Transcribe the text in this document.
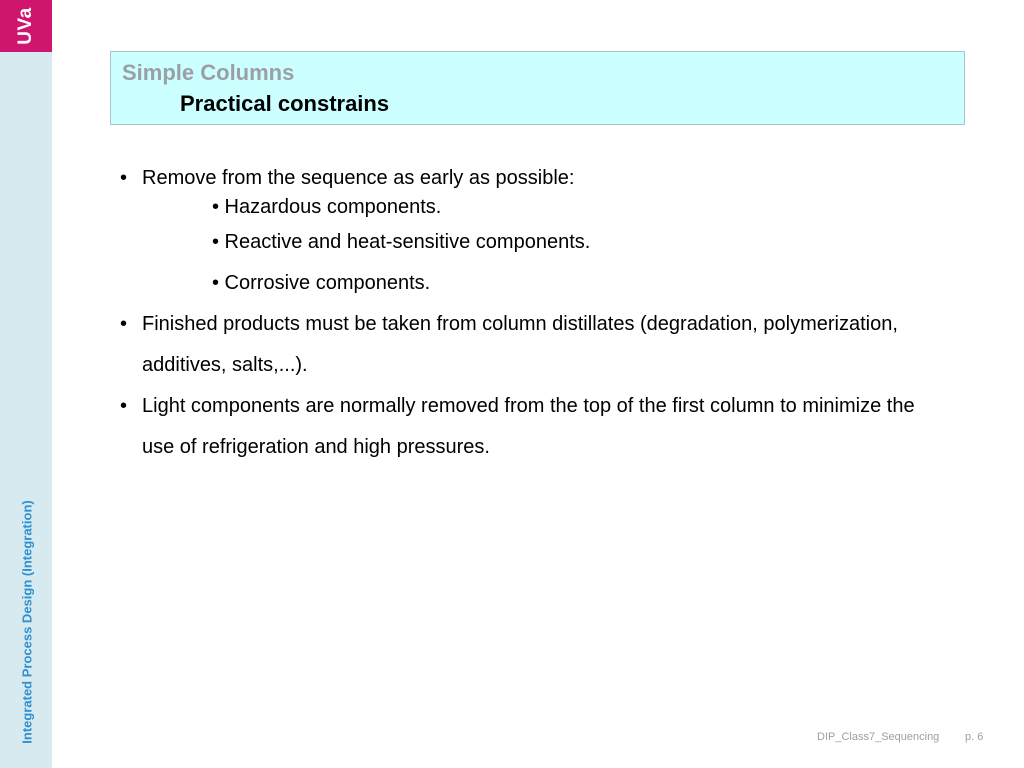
UVa
Integrated Process Design (Integration)
Simple Columns
Practical constrains
• Remove from the sequence as early as possible:
• Hazardous components.
• Reactive and heat-sensitive components.
• Corrosive components.
• Finished products must be taken from column distillates (degradation, polymerization, additives, salts,...).
• Light components are normally removed from the top of the first column to minimize the use of refrigeration and high pressures.
DIP_Class7_Sequencing p. 6
